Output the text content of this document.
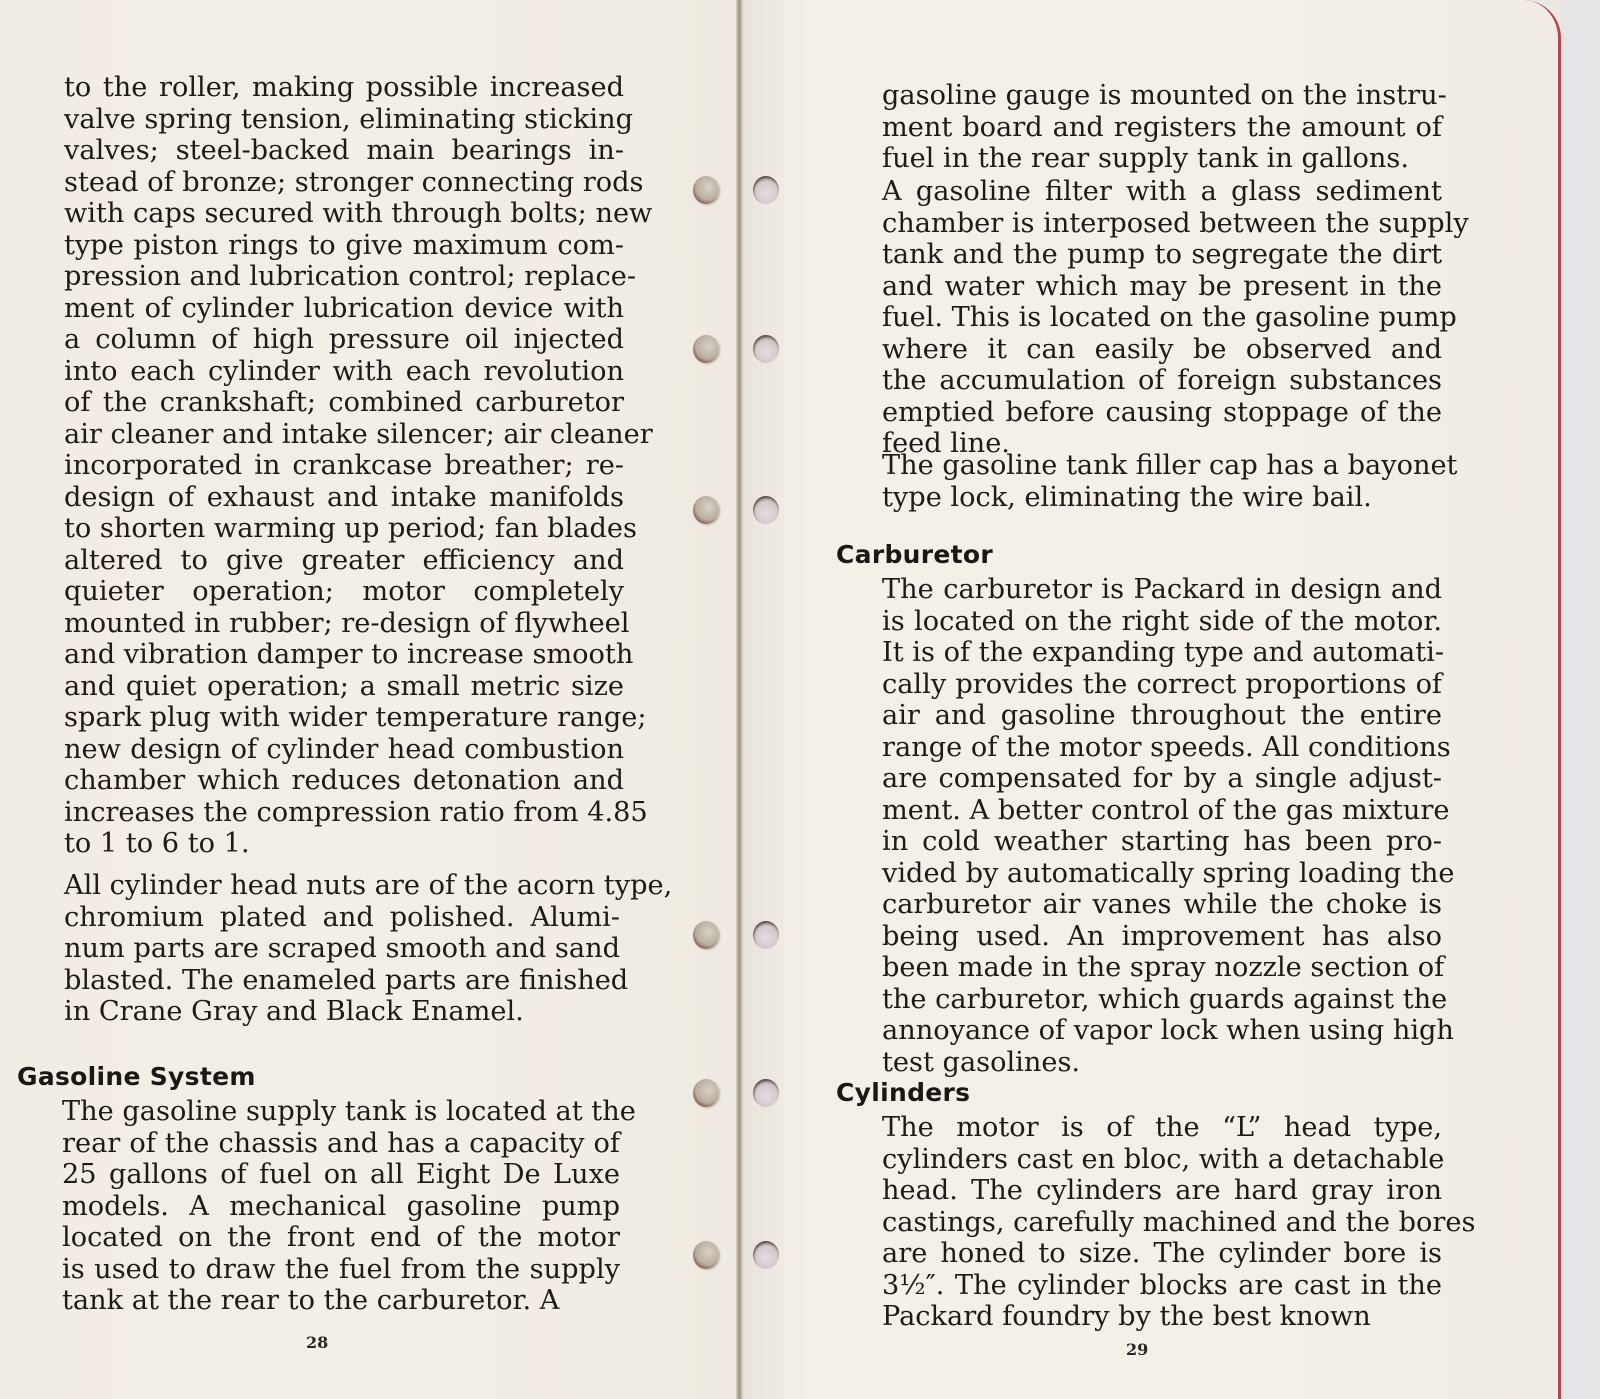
to the roller, making possible increased
valve spring tension, eliminating sticking
valves; steel-backed main bearings in-
stead of bronze; stronger connecting rods
with caps secured with through bolts; new
type piston rings to give maximum com-
pression and lubrication control; replace-
ment of cylinder lubrication device with
a column of high pressure oil injected
into each cylinder with each revolution
of the crankshaft; combined carburetor
air cleaner and intake silencer; air cleaner
incorporated in crankcase breather; re-
design of exhaust and intake manifolds
to shorten warming up period; fan blades
altered to give greater efficiency and
quieter operation; motor completely
mounted in rubber; re-design of flywheel
and vibration damper to increase smooth
and quiet operation; a small metric size
spark plug with wider temperature range;
new design of cylinder head combustion
chamber which reduces detonation and
increases the compression ratio from 4.85
to 1 to 6 to 1.

All cylinder head nuts are of the acorn type,
chromium plated and polished. Alumi-
num parts are scraped smooth and sand
blasted. The enameled parts are finished
in Crane Gray and Black Enamel.

Gasoline System

The gasoline supply tank is located at the
rear of the chassis and has a capacity of
25 gallons of fuel on all Eight De Luxe
models. A mechanical gasoline pump
located on the front end of the motor
is used to draw the fuel from the supply
tank at the rear to the carburetor. A

28

gasoline gauge is mounted on the instru-
ment board and registers the amount of
fuel in the rear supply tank in gallons.

A gasoline filter with a glass sediment
chamber is interposed between the supply
tank and the pump to segregate the dirt
and water which may be present in the
fuel. This is located on the gasoline pump
where it can easily be observed and
the accumulation of foreign substances
emptied before causing stoppage of the
feed line.

The gasoline tank filler cap has a bayonet
type lock, eliminating the wire bail.

Carburetor

The carburetor is Packard in design and
is located on the right side of the motor.
It is of the expanding type and automati-
cally provides the correct proportions of
air and gasoline throughout the entire
range of the motor speeds. All conditions
are compensated for by a single adjust-
ment. A better control of the gas mixture
in cold weather starting has been pro-
vided by automatically spring loading the
carburetor air vanes while the choke is
being used. An improvement has also
been made in the spray nozzle section of
the carburetor, which guards against the
annoyance of vapor lock when using high
test gasolines.

Cylinders

The motor is of the “L” head type,
cylinders cast en bloc, with a detachable
head. The cylinders are hard gray iron
castings, carefully machined and the bores
are honed to size. The cylinder bore is
3½″. The cylinder blocks are cast in the
Packard foundry by the best known

29
